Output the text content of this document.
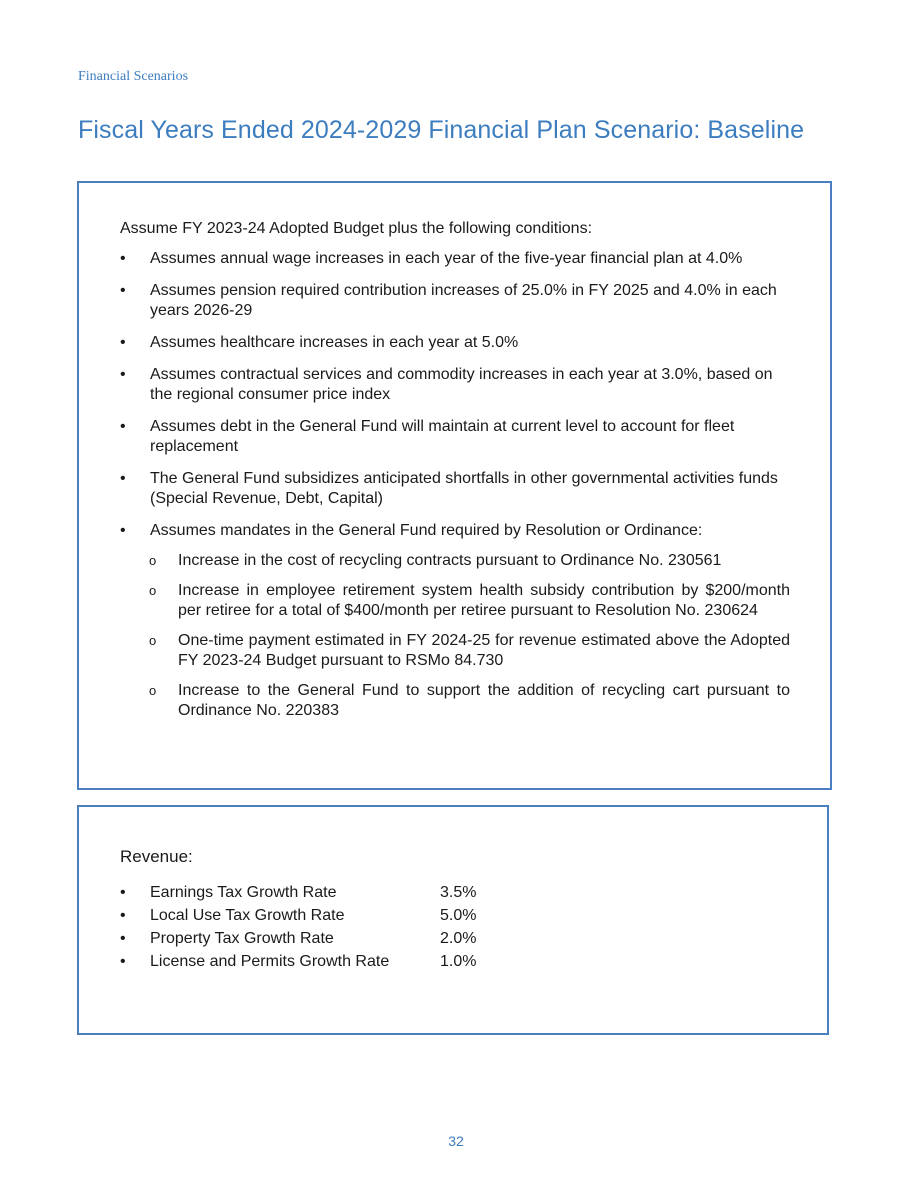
Financial Scenarios
Fiscal Years Ended 2024-2029 Financial Plan Scenario: Baseline
Assume FY 2023-24 Adopted Budget plus the following conditions:
•	Assumes annual wage increases in each year of the five-year financial plan at 4.0%
•	Assumes pension required contribution increases of 25.0% in FY 2025 and 4.0% in each years 2026-29
•	Assumes healthcare increases in each year at 5.0%
•	Assumes contractual services and commodity increases in each year at 3.0%, based on the regional consumer price index
•	Assumes debt in the General Fund will maintain at current level to account for fleet replacement
•	The General Fund subsidizes anticipated shortfalls in other governmental activities funds (Special Revenue, Debt, Capital)
•	Assumes mandates in the General Fund required by Resolution or Ordinance:
o Increase in the cost of recycling contracts pursuant to Ordinance No. 230561
o Increase in employee retirement system health subsidy contribution by $200/month per retiree for a total of $400/month per retiree pursuant to Resolution No. 230624
o One-time payment estimated in FY 2024-25 for revenue estimated above the Adopted FY 2023-24 Budget pursuant to RSMo 84.730
o Increase to the General Fund to support the addition of recycling cart pursuant to Ordinance No. 220383
Revenue:
•	Earnings Tax Growth Rate	3.5%
•	Local Use Tax Growth Rate	5.0%
•	Property Tax Growth Rate	2.0%
•	License and Permits Growth Rate	1.0%
32
